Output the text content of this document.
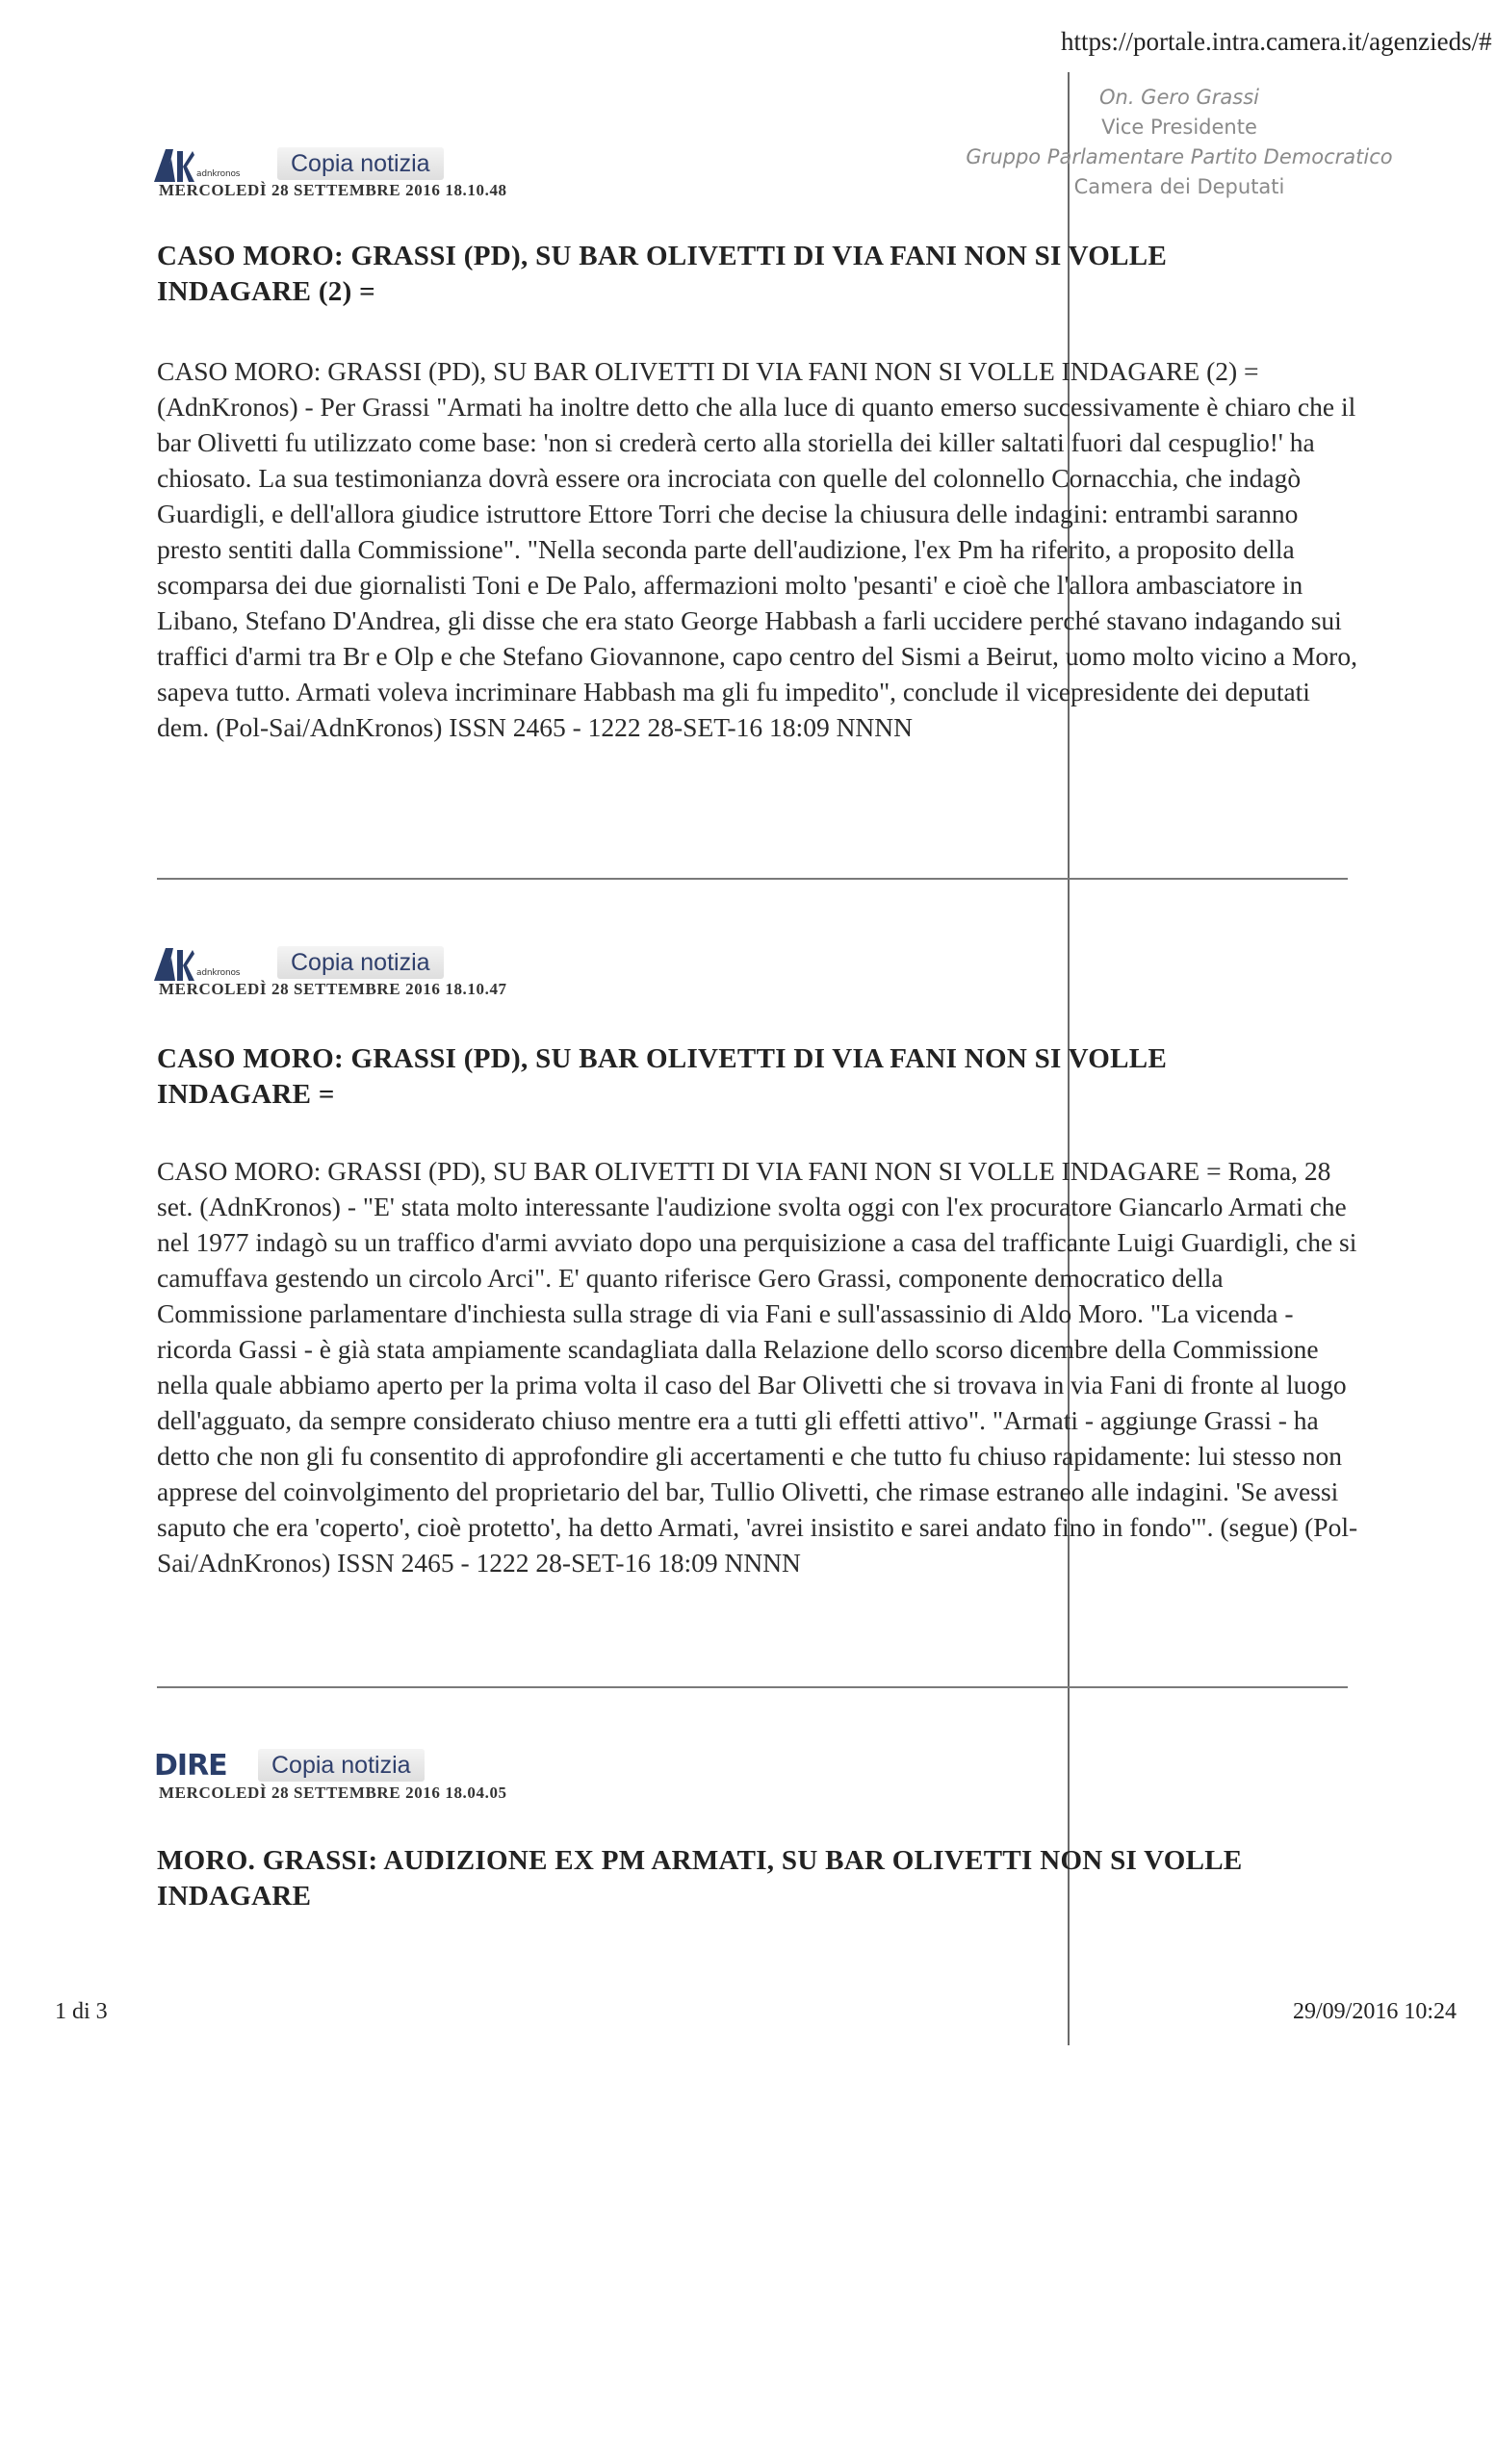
https://portale.intra.camera.it/agenzieds/#
On. Gero Grassi
Vice Presidente
Gruppo Parlamentare Partito Democratico
Camera dei Deputati
adnkronos	Copia notizia
MERCOLEDÌ 28 SETTEMBRE 2016 18.10.48
CASO MORO: GRASSI (PD), SU BAR OLIVETTI DI VIA FANI NON SI VOLLE INDAGARE (2) =

CASO MORO: GRASSI (PD), SU BAR OLIVETTI DI VIA FANI NON SI VOLLE INDAGARE (2) = (AdnKronos) - Per Grassi "Armati ha inoltre detto che alla luce di quanto emerso successivamente è chiaro che il bar Olivetti fu utilizzato come base: 'non si crederà certo alla storiella dei killer saltati fuori dal cespuglio!' ha chiosato. La sua testimonianza dovrà essere ora incrociata con quelle del colonnello Cornacchia, che indagò Guardigli, e dell'allora giudice istruttore Ettore Torri che decise la chiusura delle indagini: entrambi saranno presto sentiti dalla Commissione". "Nella seconda parte dell'audizione, l'ex Pm ha riferito, a proposito della scomparsa dei due giornalisti Toni e De Palo, affermazioni molto 'pesanti' e cioè che l'allora ambasciatore in Libano, Stefano D'Andrea, gli disse che era stato George Habbash a farli uccidere perché stavano indagando sui traffici d'armi tra Br e Olp e che Stefano Giovannone, capo centro del Sismi a Beirut, uomo molto vicino a Moro, sapeva tutto. Armati voleva incriminare Habbash ma gli fu impedito", conclude il vicepresidente dei deputati dem. (Pol-Sai/AdnKronos) ISSN 2465 - 1222 28-SET-16 18:09 NNNN

adnkronos	Copia notizia
MERCOLEDÌ 28 SETTEMBRE 2016 18.10.47
CASO MORO: GRASSI (PD), SU BAR OLIVETTI DI VIA FANI NON SI VOLLE INDAGARE =

CASO MORO: GRASSI (PD), SU BAR OLIVETTI DI VIA FANI NON SI VOLLE INDAGARE = Roma, 28 set. (AdnKronos) - "E' stata molto interessante l'audizione svolta oggi con l'ex procuratore Giancarlo Armati che nel 1977 indagò su un traffico d'armi avviato dopo una perquisizione a casa del trafficante Luigi Guardigli, che si camuffava gestendo un circolo Arci". E' quanto riferisce Gero Grassi, componente democratico della Commissione parlamentare d'inchiesta sulla strage di via Fani e sull'assassinio di Aldo Moro. "La vicenda - ricorda Gassi - è già stata ampiamente scandagliata dalla Relazione dello scorso dicembre della Commissione nella quale abbiamo aperto per la prima volta il caso del Bar Olivetti che si trovava in via Fani di fronte al luogo dell'agguato, da sempre considerato chiuso mentre era a tutti gli effetti attivo". "Armati - aggiunge Grassi - ha detto che non gli fu consentito di approfondire gli accertamenti e che tutto fu chiuso rapidamente: lui stesso non apprese del coinvolgimento del proprietario del bar, Tullio Olivetti, che rimase estraneo alle indagini. 'Se avessi saputo che era 'coperto', cioè protetto', ha detto Armati, 'avrei insistito e sarei andato fino in fondo'". (segue) (Pol-Sai/AdnKronos) ISSN 2465 - 1222 28-SET-16 18:09 NNNN

DIRE	Copia notizia
MERCOLEDÌ 28 SETTEMBRE 2016 18.04.05
MORO. GRASSI: AUDIZIONE EX PM ARMATI, SU BAR OLIVETTI NON SI VOLLE INDAGARE
1 di 3	29/09/2016 10:24
